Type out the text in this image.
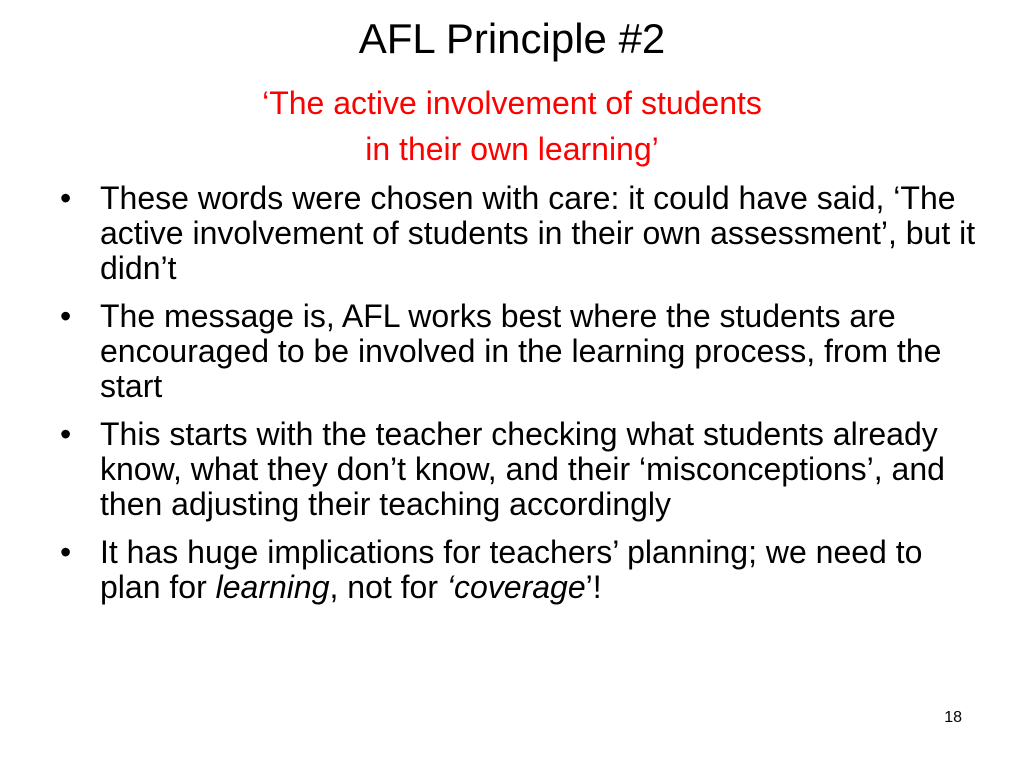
AFL Principle #2
‘The active involvement of students
in their own learning’
• These words were chosen with care: it could have said, ‘The active involvement of students in their own assessment’, but it didn’t
• The message is, AFL works best where the students are encouraged to be involved in the learning process, from the start
• This starts with the teacher checking what students already know, what they don’t know, and their ‘misconceptions’, and then adjusting their teaching accordingly
• It has huge implications for teachers’ planning; we need to plan for learning, not for ‘coverage’!
18
